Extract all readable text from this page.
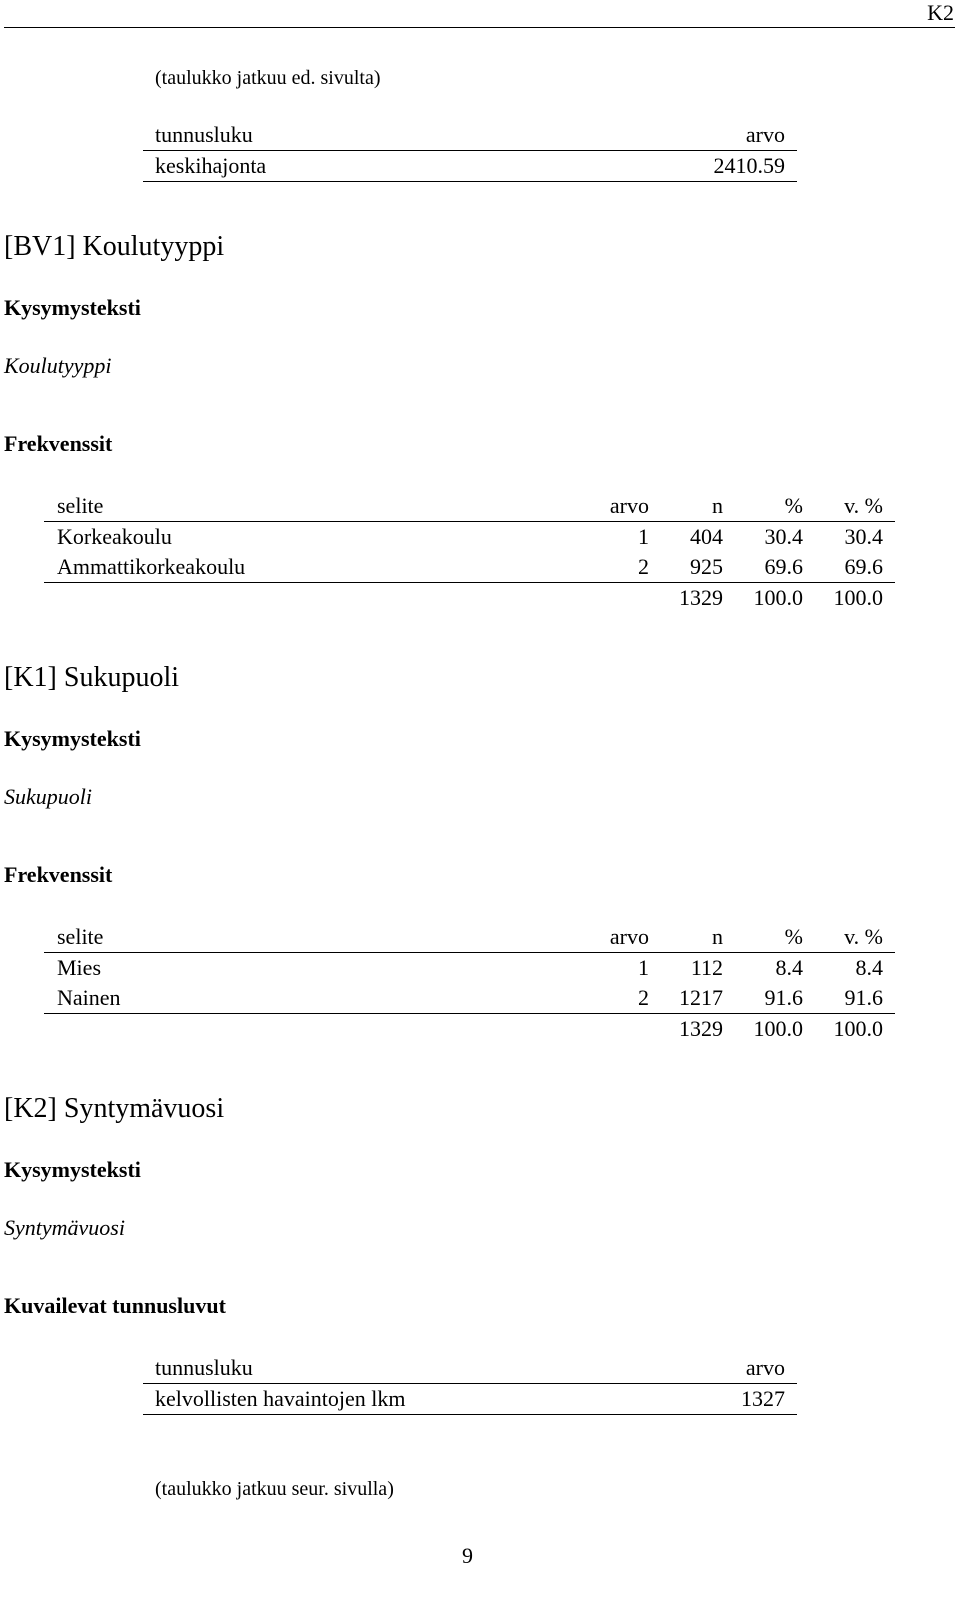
K2
(taulukko jatkuu ed. sivulta)
tunnusluku	arvo
keskihajonta	2410.59
[BV1] Koulutyyppi
Kysymysteksti
Koulutyyppi
Frekvenssit
selite	arvo	n	%	v. %
Korkeakoulu	1	404	30.4	30.4
Ammattikorkeakoulu	2	925	69.6	69.6
		1329	100.0	100.0
[K1] Sukupuoli
Kysymysteksti
Sukupuoli
Frekvenssit
selite	arvo	n	%	v. %
Mies	1	112	8.4	8.4
Nainen	2	1217	91.6	91.6
		1329	100.0	100.0
[K2] Syntymävuosi
Kysymysteksti
Syntymävuosi
Kuvailevat tunnusluvut
tunnusluku	arvo
kelvollisten havaintojen lkm	1327
(taulukko jatkuu seur. sivulla)
9
